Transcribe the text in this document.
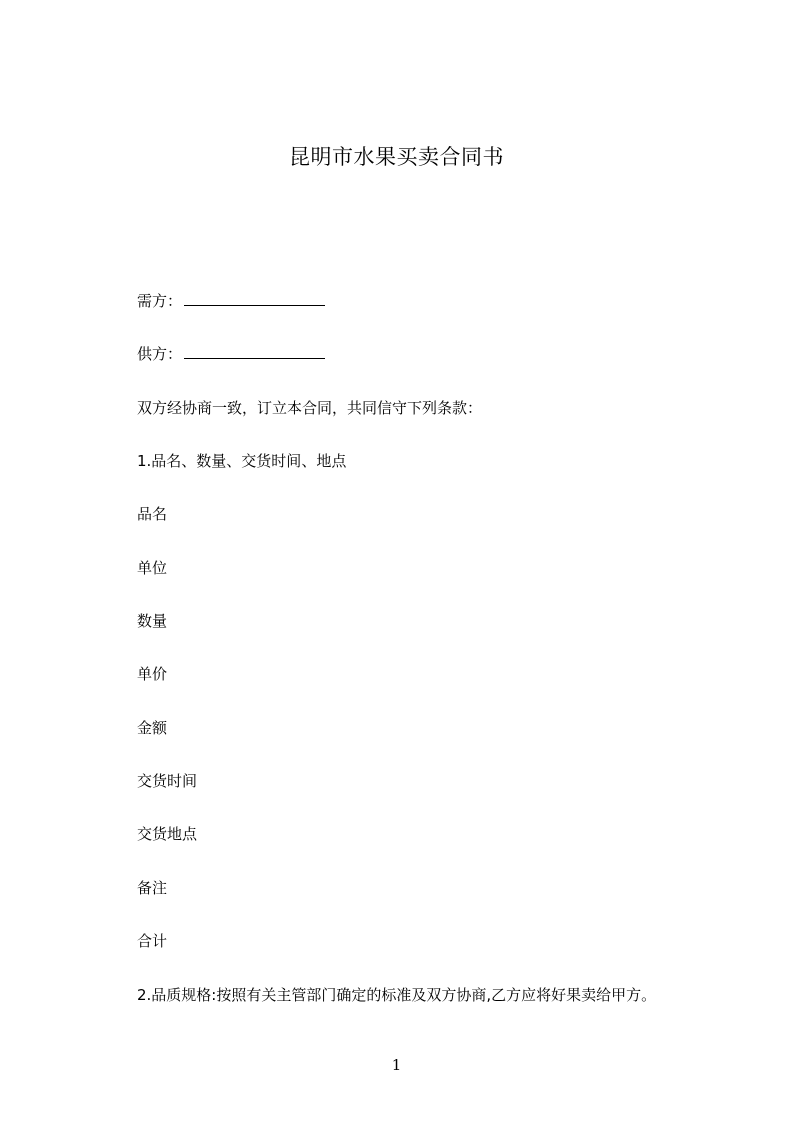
昆明市水果买卖合同书
需方：
供方：
双方经协商一致，订立本合同，共同信守下列条款：
1.品名、数量、交货时间、地点
品名
单位
数量
单价
金额
交货时间
交货地点
备注
合计
2.品质规格:按照有关主管部门确定的标准及双方协商,乙方应将好果卖给甲方。
1
